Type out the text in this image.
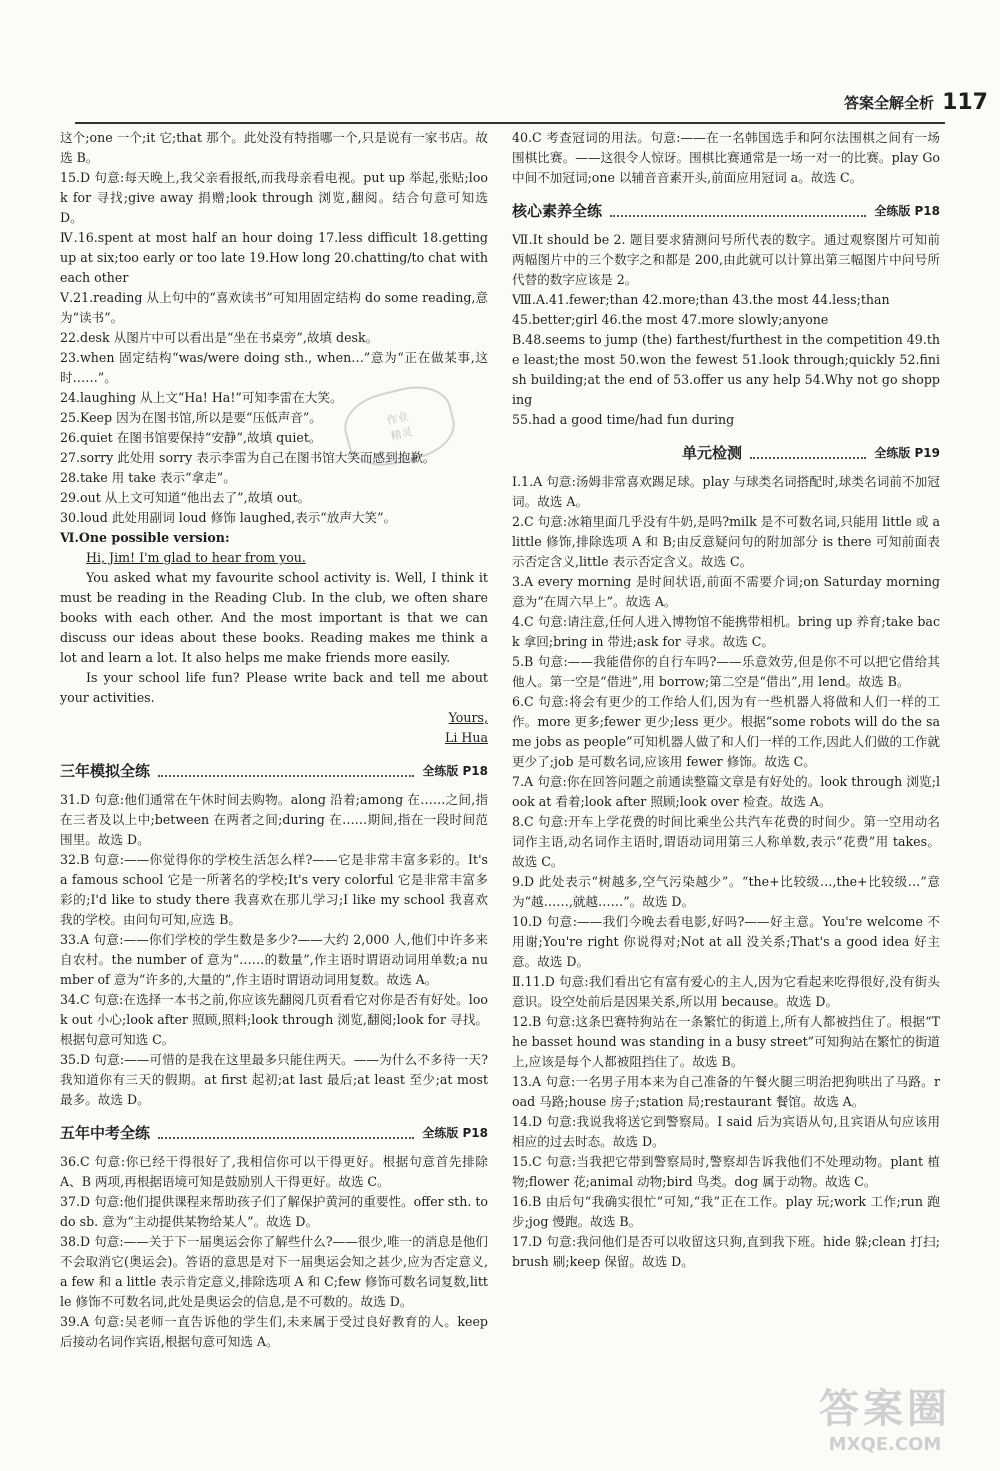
答案全解全析 117
作业
精灵

这个;one 一个;it 它;that 那个。此处没有特指哪一个,只是说有一家书店。故选 B。

15.D 句意:每天晚上,我父亲看报纸,而我母亲看电视。put up 举起,张贴;look for 寻找;give away 捐赠;look through 浏览,翻阅。结合句意可知选 D。

Ⅳ.16.spent at most half an hour doing 17.less difficult 18.getting up at six;too early or too late 19.How long 20.chatting/to chat with each other

Ⅴ.21.reading 从上句中的“喜欢读书”可知用固定结构 do some reading,意为“读书”。

22.desk 从图片中可以看出是“坐在书桌旁”,故填 desk。

23.when 固定结构“was/were doing sth., when…”意为“正在做某事,这时……”。

24.laughing 从上文“Ha! Ha!”可知李雷在大笑。

25.Keep 因为在图书馆,所以是要“压低声音”。

26.quiet 在图书馆要保持“安静”,故填 quiet。

27.sorry 此处用 sorry 表示李雷为自己在图书馆大笑而感到抱歉。

28.take 用 take 表示“拿走”。

29.out 从上文可知道“他出去了”,故填 out。

30.loud 此处用副词 loud 修饰 laughed,表示“放声大笑”。

Ⅵ.One possible version:

Hi, Jim! I'm glad to hear from you.
You asked what my favourite school activity is. Well, I think it must be reading in the Reading Club. In the club, we often share books with each other. And the most important is that we can discuss our ideas about these books. Reading makes me think a lot and learn a lot. It also helps me make friends more easily.
Is your school life fun? Please write back and tell me about your activities.
Yours,
Li Hua
三年模拟全练	全练版 P18

31.D 句意:他们通常在午休时间去购物。along 沿着;among 在……之间,指在三者及以上中;between 在两者之间;during 在……期间,指在一段时间范围里。故选 D。

32.B 句意:——你觉得你的学校生活怎么样?——它是非常丰富多彩的。It's a famous school 它是一所著名的学校;It's very colorful 它是非常丰富多彩的;I'd like to study there 我喜欢在那儿学习;I like my school 我喜欢我的学校。由问句可知,应选 B。

33.A 句意:——你们学校的学生数是多少?——大约 2,000 人,他们中许多来自农村。the number of 意为“……的数量”,作主语时谓语动词用单数;a number of 意为“许多的,大量的”,作主语时谓语动词用复数。故选 A。

34.C 句意:在选择一本书之前,你应该先翻阅几页看看它对你是否有好处。look out 小心;look after 照顾,照料;look through 浏览,翻阅;look for 寻找。根据句意可知选 C。

35.D 句意:——可惜的是我在这里最多只能住两天。——为什么不多待一天?我知道你有三天的假期。at first 起初;at last 最后;at least 至少;at most 最多。故选 D。

五年中考全练	全练版 P18

36.C 句意:你已经干得很好了,我相信你可以干得更好。根据句意首先排除 A、B 两项,再根据语境可知是鼓励别人干得更好。故选 C。

37.D 句意:他们提供课程来帮助孩子们了解保护黄河的重要性。offer sth. to do sb. 意为“主动提供某物给某人”。故选 D。

38.D 句意:——关于下一届奥运会你了解些什么?——很少,唯一的消息是他们不会取消它(奥运会)。答语的意思是对下一届奥运会知之甚少,应为否定意义,a few 和 a little 表示肯定意义,排除选项 A 和 C;few 修饰可数名词复数,little 修饰不可数名词,此处是奥运会的信息,是不可数的。故选 D。

39.A 句意:吴老师一直告诉他的学生们,未来属于受过良好教育的人。keep 后接动名词作宾语,根据句意可知选 A。

40.C 考查冠词的用法。句意:——在一名韩国选手和阿尔法围棋之间有一场围棋比赛。——这很令人惊讶。围棋比赛通常是一场一对一的比赛。play Go 中间不加冠词;one 以辅音音素开头,前面应用冠词 a。故选 C。

核心素养全练	全练版 P18

Ⅶ.It should be 2. 题目要求猜测问号所代表的数字。通过观察图片可知前两幅图片中的三个数字之和都是 200,由此就可以计算出第三幅图片中问号所代替的数字应该是 2。

Ⅷ.A.41.fewer;than 42.more;than 43.the most 44.less;than

45.better;girl 46.the most 47.more slowly;anyone

B.48.seems to jump (the) farthest/furthest in the competition 49.the least;the most 50.won the fewest 51.look through;quickly 52.finish building;at the end of 53.offer us any help 54.Why not go shopping

55.had a good time/had fun during

单元检测	全练版 P19

Ⅰ.1.A 句意:汤姆非常喜欢踢足球。play 与球类名词搭配时,球类名词前不加冠词。故选 A。

2.C 句意:冰箱里面几乎没有牛奶,是吗?milk 是不可数名词,只能用 little 或 a little 修饰,排除选项 A 和 B;由反意疑问句的附加部分 is there 可知前面表示否定含义,little 表示否定含义。故选 C。

3.A every morning 是时间状语,前面不需要介词;on Saturday morning 意为“在周六早上”。故选 A。

4.C 句意:请注意,任何人进入博物馆不能携带相机。bring up 养育;take back 拿回;bring in 带进;ask for 寻求。故选 C。

5.B 句意:——我能借你的自行车吗?——乐意效劳,但是你不可以把它借给其他人。第一空是“借进”,用 borrow;第二空是“借出”,用 lend。故选 B。

6.C 句意:将会有更少的工作给人们,因为有一些机器人将做和人们一样的工作。more 更多;fewer 更少;less 更少。根据“some robots will do the same jobs as people”可知机器人做了和人们一样的工作,因此人们做的工作就更少了;job 是可数名词,应该用 fewer 修饰。故选 C。

7.A 句意:你在回答问题之前通读整篇文章是有好处的。look through 浏览;look at 看着;look after 照顾;look over 检查。故选 A。

8.C 句意:开车上学花费的时间比乘坐公共汽车花费的时间少。第一空用动名词作主语,动名词作主语时,谓语动词用第三人称单数,表示“花费”用 takes。故选 C。

9.D 此处表示“树越多,空气污染越少”。“the+比较级…,the+比较级…”意为“越……,就越……”。故选 D。

10.D 句意:——我们今晚去看电影,好吗?——好主意。You're welcome 不用谢;You're right 你说得对;Not at all 没关系;That's a good idea 好主意。故选 D。

Ⅱ.11.D 句意:我们看出它有富有爱心的主人,因为它看起来吃得很好,没有街头意识。设空处前后是因果关系,所以用 because。故选 D。

12.B 句意:这条巴赛特狗站在一条繁忙的街道上,所有人都被挡住了。根据“The basset hound was standing in a busy street”可知狗站在繁忙的街道上,应该是每个人都被阻挡住了。故选 B。

13.A 句意:一名男子用本来为自己准备的午餐火腿三明治把狗哄出了马路。road 马路;house 房子;station 局;restaurant 餐馆。故选 A。

14.D 句意:我说我将送它到警察局。I said 后为宾语从句,且宾语从句应该用相应的过去时态。故选 D。

15.C 句意:当我把它带到警察局时,警察却告诉我他们不处理动物。plant 植物;flower 花;animal 动物;bird 鸟类。dog 属于动物。故选 C。

16.B 由后句“我确实很忙”可知,“我”正在工作。play 玩;work 工作;run 跑步;jog 慢跑。故选 B。

17.D 句意:我问他们是否可以收留这只狗,直到我下班。hide 躲;clean 打扫;brush 刷;keep 保留。故选 D。

答案圈
MXQE.COM
